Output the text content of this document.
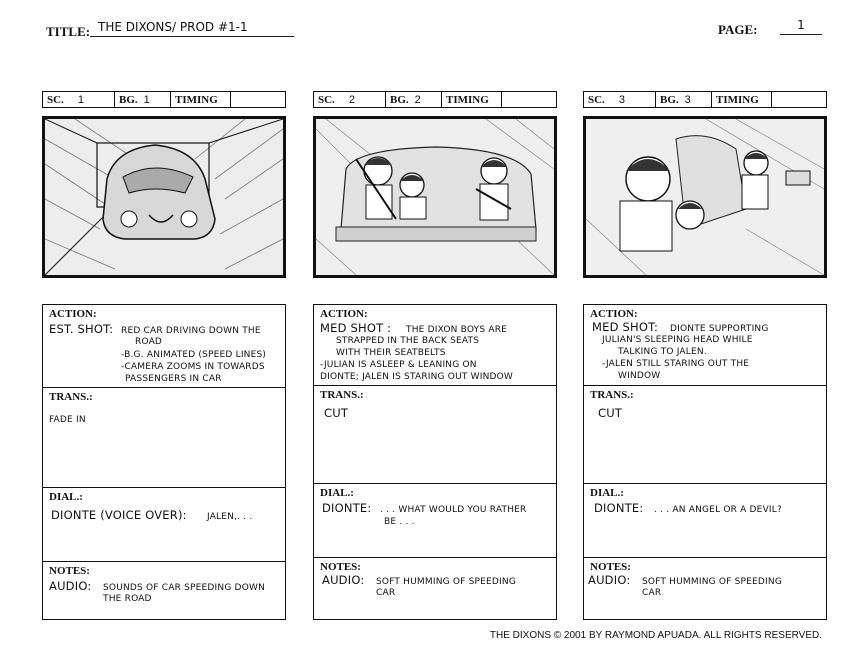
TITLE: THE DIXONS/ PROD #1-1	PAGE:	1
SC. 1	BG. 1 TIMING
ACTION:
EST. SHOT: RED CAR DRIVING DOWN THE
ROAD
-B.G. ANIMATED (SPEED LINES)
-CAMERA ZOOMS IN TOWARDS
PASSENGERS IN CAR
TRANS.:
FADE IN
DIAL.:
DIONTE (VOICE OVER): JALEN,. . .
NOTES:
AUDIO: SOUNDS OF CAR SPEEDING DOWN
THE ROAD
SC. 2	BG. 2 TIMING
ACTION:
MED SHOT : THE DIXON BOYS ARE
STRAPPED IN THE BACK SEATS
WITH THEIR SEATBELTS
-JULIAN IS ASLEEP & LEANING ON
DIONTE; JALEN IS STARING OUT WINDOW
TRANS.:
CUT
DIAL.:
DIONTE: . . . WHAT WOULD YOU RATHER
BE . . .
NOTES:
AUDIO: SOFT HUMMING OF SPEEDING
CAR
SC. 3	BG. 3 TIMING
ACTION:
MED SHOT: DIONTE SUPPORTING
JULIAN'S SLEEPING HEAD WHILE
TALKING TO JALEN.
-JALEN STILL STARING OUT THE
WINDOW
TRANS.:
CUT
DIAL.:
DIONTE: . . . AN ANGEL OR A DEVIL?
NOTES:
AUDIO: SOFT HUMMING OF SPEEDING
CAR
THE DIXONS © 2001 BY RAYMOND APUADA. ALL RIGHTS RESERVED.
